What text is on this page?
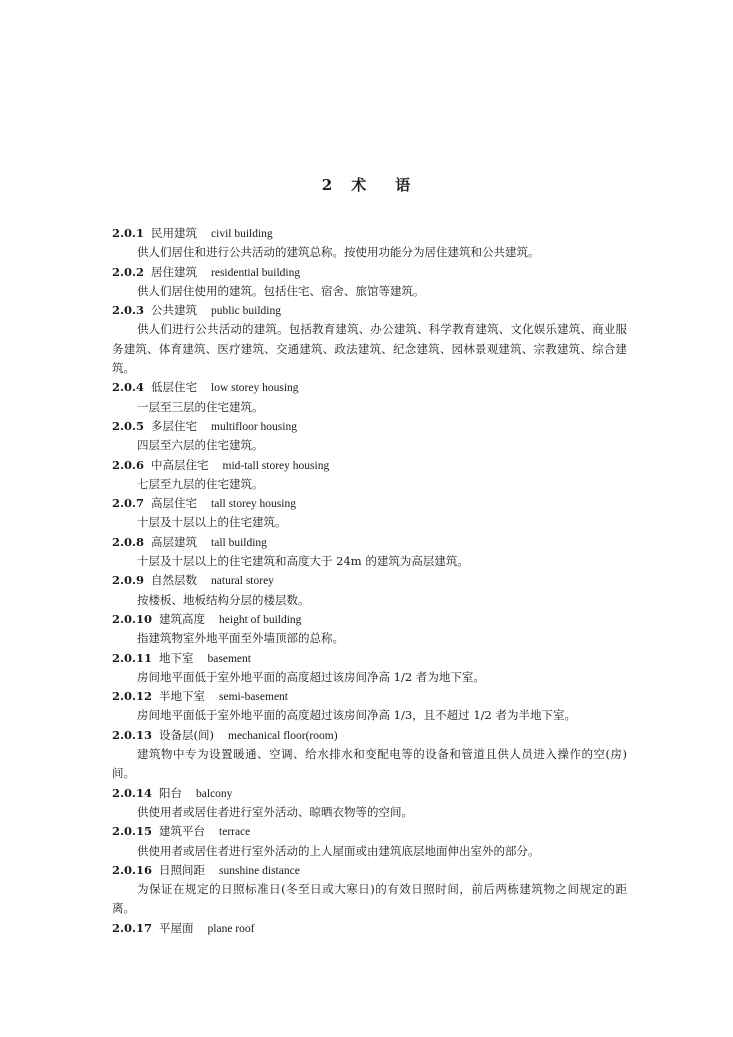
2 术 语
2.0.1 民用建筑 civil building

供人们居住和进行公共活动的建筑总称。按使用功能分为居住建筑和公共建筑。

2.0.2 居住建筑 residential building

供人们居住使用的建筑。包括住宅、宿舍、旅馆等建筑。

2.0.3 公共建筑 public building

供人们进行公共活动的建筑。包括教育建筑、办公建筑、科学教育建筑、文化娱乐建筑、商业服务建筑、体育建筑、医疗建筑、交通建筑、政法建筑、纪念建筑、园林景观建筑、宗教建筑、综合建筑。

2.0.4 低层住宅 low storey housing

一层至三层的住宅建筑。

2.0.5 多层住宅 multifloor housing

四层至六层的住宅建筑。

2.0.6 中高层住宅 mid-tall storey housing

七层至九层的住宅建筑。

2.0.7 高层住宅 tall storey housing

十层及十层以上的住宅建筑。

2.0.8 高层建筑 tall building

十层及十层以上的住宅建筑和高度大于 24m 的建筑为高层建筑。

2.0.9 自然层数 natural storey

按楼板、地板结构分层的楼层数。

2.0.10 建筑高度 height of building

指建筑物室外地平面至外墙顶部的总称。

2.0.11 地下室 basement

房间地平面低于室外地平面的高度超过该房间净高 1/2 者为地下室。

2.0.12 半地下室 semi-basement

房间地平面低于室外地平面的高度超过该房间净高 1/3，且不超过 1/2 者为半地下室。

2.0.13 设备层(间) mechanical floor(room)

建筑物中专为设置暖通、空调、给水排水和变配电等的设备和管道且供人员进入操作的空(房)间。

2.0.14 阳台 balcony

供使用者或居住者进行室外活动、晾晒衣物等的空间。

2.0.15 建筑平台 terrace

供使用者或居住者进行室外活动的上人屋面或由建筑底层地面伸出室外的部分。

2.0.16 日照间距 sunshine distance

为保证在规定的日照标准日(冬至日或大寒日)的有效日照时间，前后两栋建筑物之间规定的距离。

2.0.17 平屋面 plane roof
